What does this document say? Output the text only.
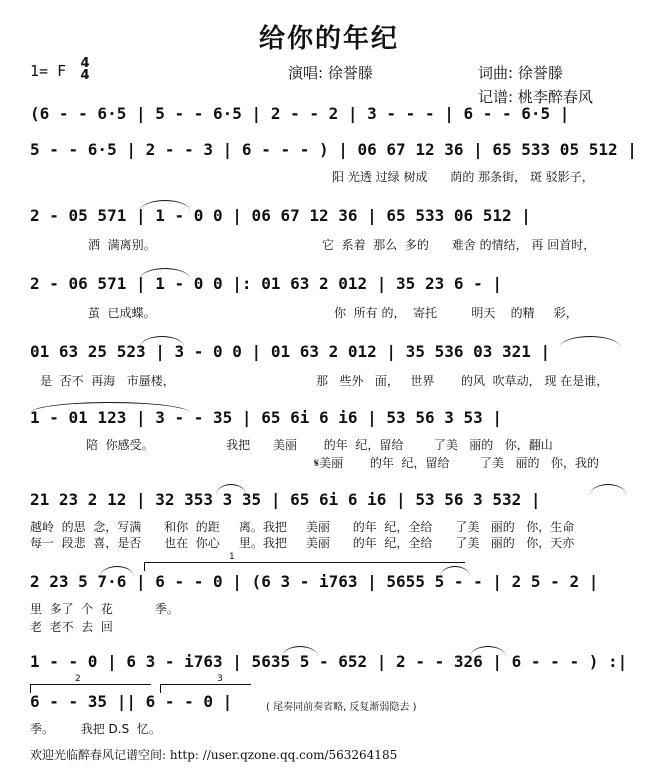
给你的年纪
1= F	4
4	演唱: 徐誉滕	词曲: 徐誉滕
记谱: 桃李醉春风
(6 - - 6·5 | 5 - - 6·5 | 2 - - 2 | 3 - - - | 6 - - 6·5 |
5 - - 6·5 | 2 - - 3 | 6 - - - ) | 06 67 12 36 | 65 533 05 512 |
阳 光透 过绿 树成      荫的 那条街， 斑 驳影子，
2 - 05 571 | 1 - 0 0 | 06 67 12 36 | 65 533 06 512 |
洒  满离别。	它  系着  那么  多的      难舍 的情结， 再 回首时，
2 - 06 571 | 1 - 0 0 |: 01 63 2 012 | 35 23 6 - |
茧  已成蝶。	你  所有 的，  寄托         明天    的精     彩，
01 63 25 523 | 3 - 0 0 | 01 63 2 012 | 35 536 03 321 |
是  否不  再海   市蜃楼，	那   些外   面，   世界       的风  吹草动， 现 在是谁，
1 - 01 123 | 3 - - 35 | 65 6i 6 i6 | 53 56 3 53 |
陪  你感受。                   我把      美丽       的年  纪，留给        了美   丽的   你，翻山
𝄋美丽       的年  纪，留给        了美   丽的   你，我的
21 23 2 12 | 32 353 3 35 | 65 6i 6 i6 | 53 56 3 532 |
越岭  的思  念，写满      和你  的距     离。我把     美丽      的年  纪，全给      了美   丽的   你，生命
每一  段悲  喜，是否      也在  你心     里。我把     美丽      的年  纪，全给      了美   丽的   你，天亦
1
2 23 5 7·6 | 6 - - 0 | (6 3 - i763 | 5655 5 - - | 2 5 - 2 |
里  多了  个  花           季。
老  老不  去  回
1 - - 0 | 6 3 - i763 | 5635 5 - 652 | 2 - - 326 | 6 - - - ) :|
2	3
6 - - 35 || 6 - - 0 |	( 尾奏同前奏省略, 反复渐弱隐去 )
季。       我把 D.S  忆。
欢迎光临醉春风记谱空间: http: //user.qzone.qq.com/563264185
